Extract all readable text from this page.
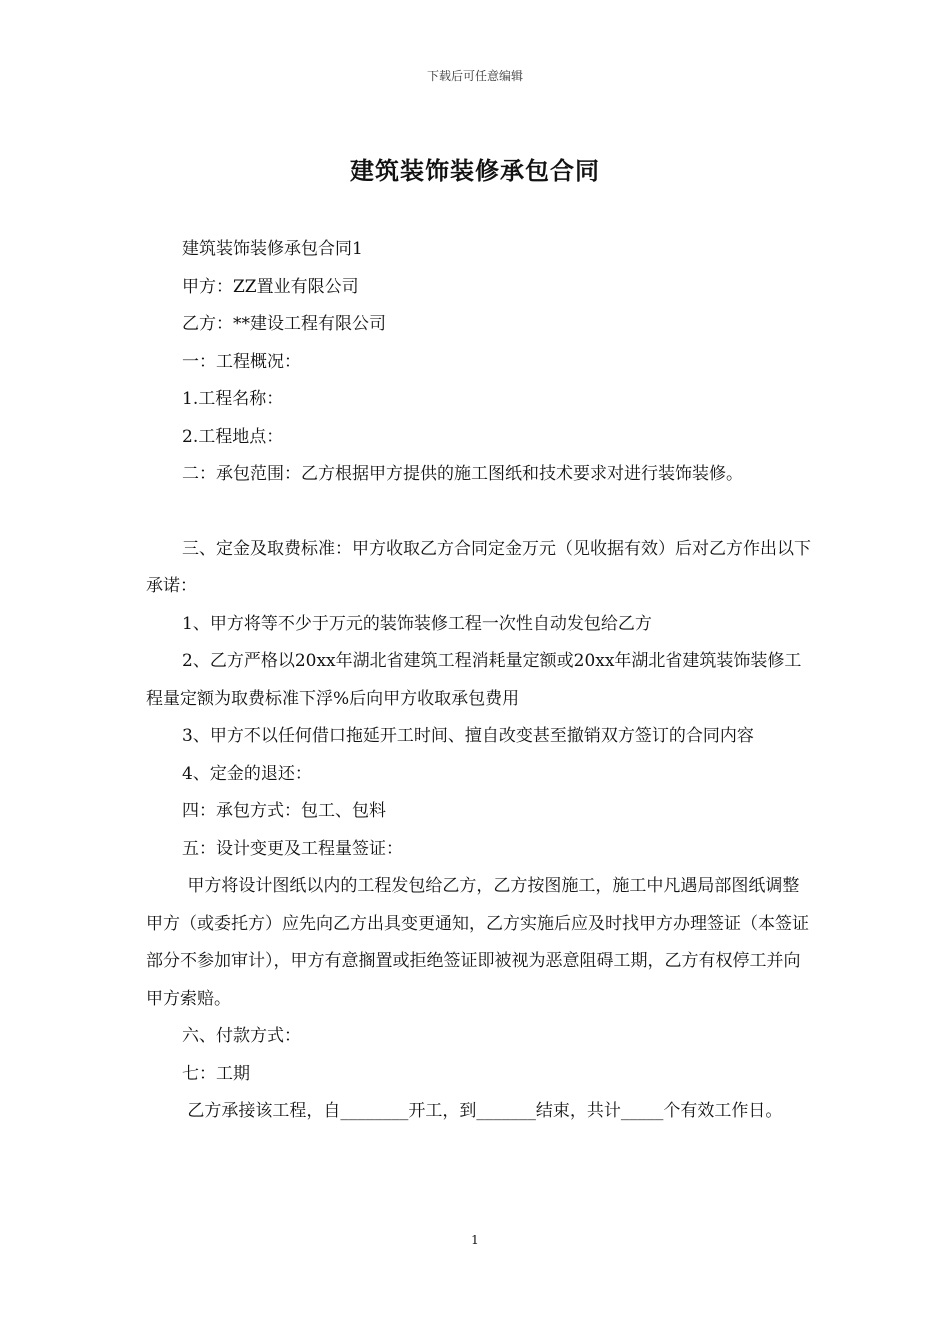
下载后可任意编辑
建筑装饰装修承包合同

建筑装饰装修承包合同1

甲方：ZZ置业有限公司

乙方：**建设工程有限公司

一：工程概况：

1.工程名称：

2.工程地点：

二：承包范围：乙方根据甲方提供的施工图纸和技术要求对进行装饰装修。

三、定金及取费标准：甲方收取乙方合同定金万元（见收据有效）后对乙方作出以下承诺：

1、甲方将等不少于万元的装饰装修工程一次性自动发包给乙方

2、乙方严格以20xx年湖北省建筑工程消耗量定额或20xx年湖北省建筑装饰装修工程量定额为取费标准下浮%后向甲方收取承包费用

3、甲方不以任何借口拖延开工时间、擅自改变甚至撤销双方签订的合同内容

4、定金的退还：

四：承包方式：包工、包料

五：设计变更及工程量签证：

甲方将设计图纸以内的工程发包给乙方，乙方按图施工，施工中凡遇局部图纸调整甲方（或委托方）应先向乙方出具变更通知，乙方实施后应及时找甲方办理签证（本签证部分不参加审计），甲方有意搁置或拒绝签证即被视为恶意阻碍工期，乙方有权停工并向甲方索赔。

六、付款方式：

七：工期

乙方承接该工程，自________开工，到_______结束，共计_____个有效工作日。

1
